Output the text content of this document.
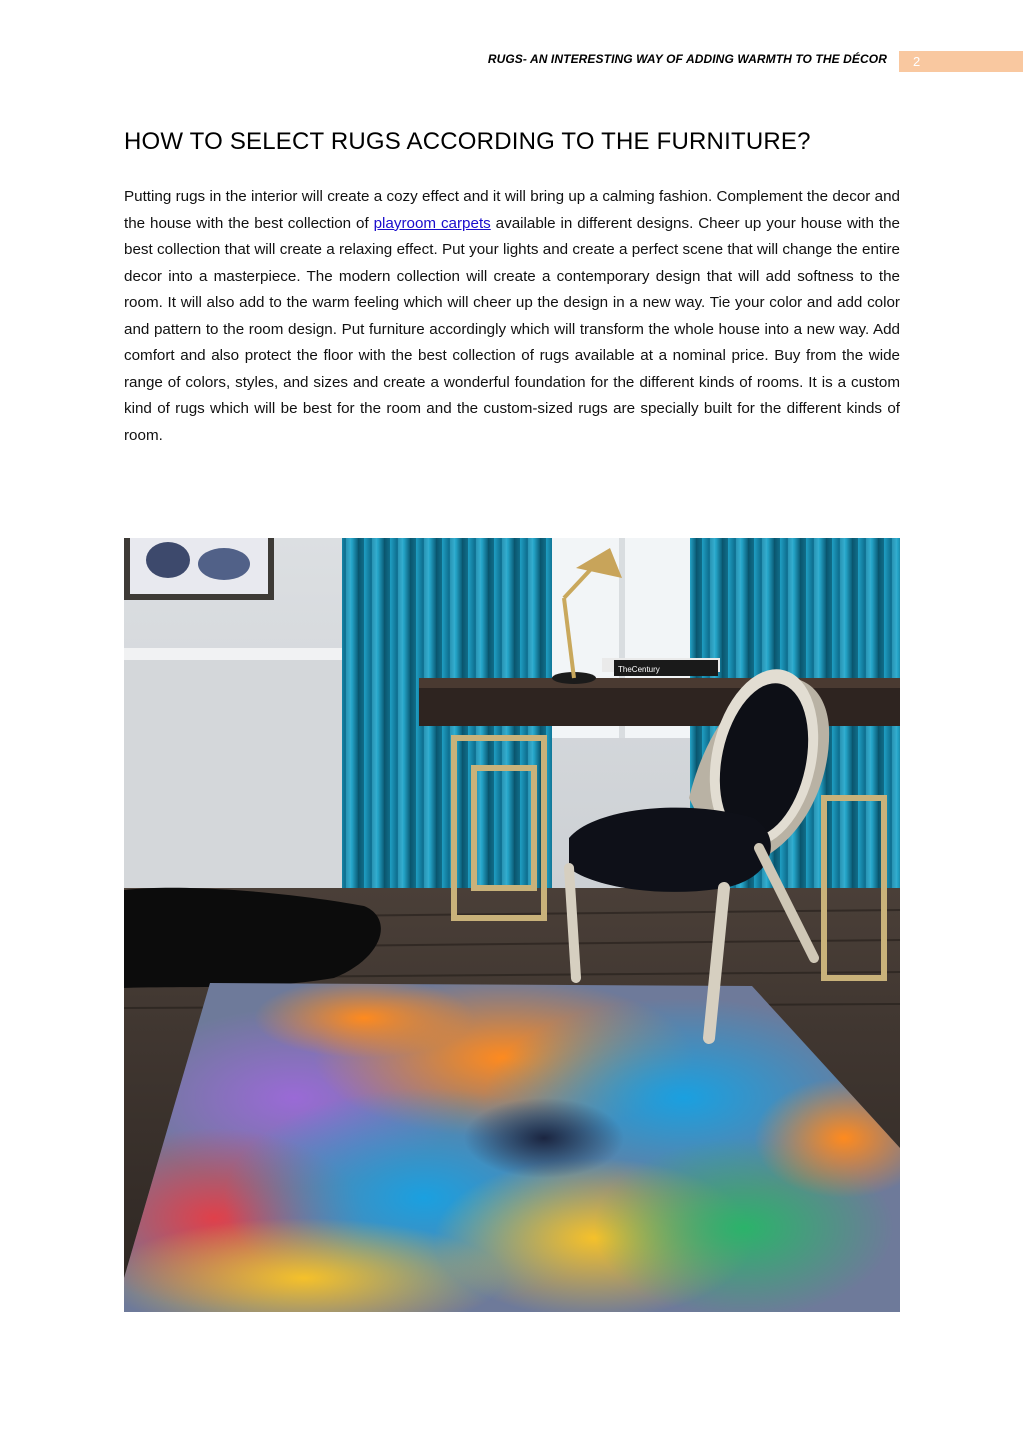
RUGS- AN INTERESTING WAY OF ADDING WARMTH TO THE DÉCOR	2
HOW TO SELECT RUGS ACCORDING TO THE FURNITURE?

Putting rugs in the interior will create a cozy effect and it will bring up a calming fashion. Complement the decor and the house with the best collection of playroom carpets available in different designs. Cheer up your house with the best collection that will create a relaxing effect. Put your lights and create a perfect scene that will change the entire decor into a masterpiece. The modern collection will create a contemporary design that will add softness to the room. It will also add to the warm feeling which will cheer up the design in a new way. Tie your color and add color and pattern to the room design. Put furniture accordingly which will transform the whole house into a new way. Add comfort and also protect the floor with the best collection of rugs available at a nominal price. Buy from the wide range of colors, styles, and sizes and create a wonderful foundation for the different kinds of rooms. It is a custom kind of rugs which will be best for the room and the custom-sized rugs are specially built for the different kinds of room.

TheCentury
